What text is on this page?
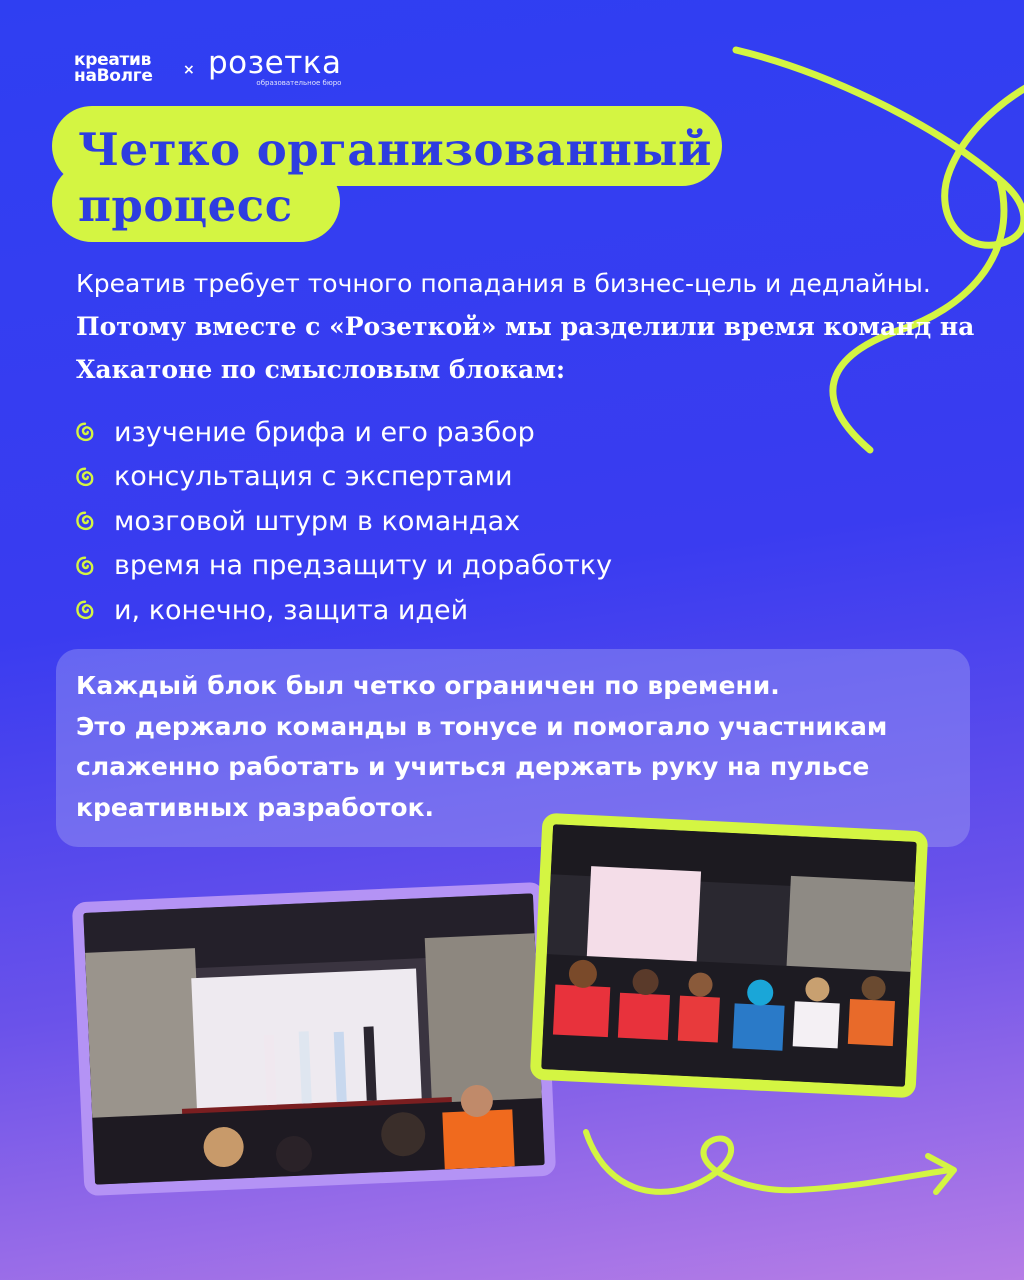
креатив
наВолге × розетка
образовательное бюро
Четко организованный
процесс

Креатив требует точного попадания в бизнес-цель и дедлайны. Потому вместе с «Розеткой» мы разделили время команд на Хакатоне по смысловым блокам:

изучение брифа и его разбор
консультация с экспертами
мозговой штурм в командах
время на предзащиту и доработку
и, конечно, защита идей

Каждый блок был четко ограничен по времени.
Это держало команды в тонусе и помогало участникам
слаженно работать и учиться держать руку на пульсе
креативных разработок.
